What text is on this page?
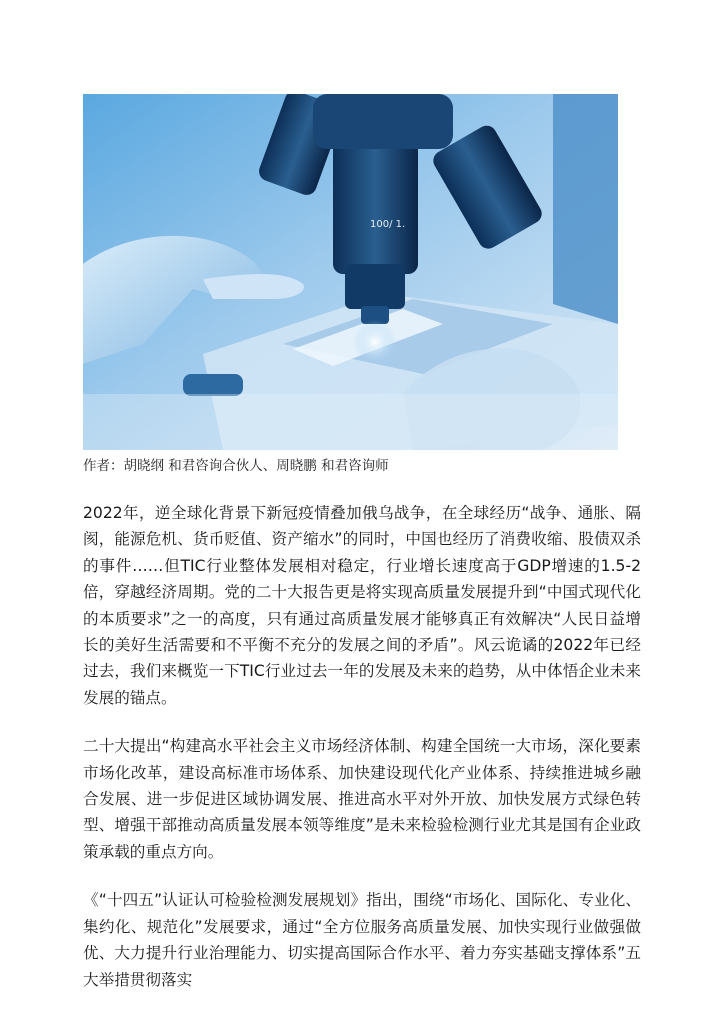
100/ 1.
作者：胡晓纲 和君咨询合伙人、周晓鹏 和君咨询师

2022年，逆全球化背景下新冠疫情叠加俄乌战争，在全球经历“战争、通胀、隔阂，能源危机、货币贬值、资产缩水”的同时，中国也经历了消费收缩、股债双杀的事件……但TIC行业整体发展相对稳定，行业增长速度高于GDP增速的1.5-2倍，穿越经济周期。党的二十大报告更是将实现高质量发展提升到“中国式现代化的本质要求”之一的高度，只有通过高质量发展才能够真正有效解决“人民日益增长的美好生活需要和不平衡不充分的发展之间的矛盾”。风云诡谲的2022年已经过去，我们来概览一下TIC行业过去一年的发展及未来的趋势，从中体悟企业未来发展的锚点。

二十大提出“构建高水平社会主义市场经济体制、构建全国统一大市场，深化要素市场化改革，建设高标准市场体系、加快建设现代化产业体系、持续推进城乡融合发展、进一步促进区域协调发展、推进高水平对外开放、加快发展方式绿色转型、增强干部推动高质量发展本领等维度”是未来检验检测行业尤其是国有企业政策承载的重点方向。

《“十四五”认证认可检验检测发展规划》指出，围绕“市场化、国际化、专业化、集约化、规范化”发展要求，通过“全方位服务高质量发展、加快实现行业做强做优、大力提升行业治理能力、切实提高国际合作水平、着力夯实基础支撑体系”五大举措贯彻落实
